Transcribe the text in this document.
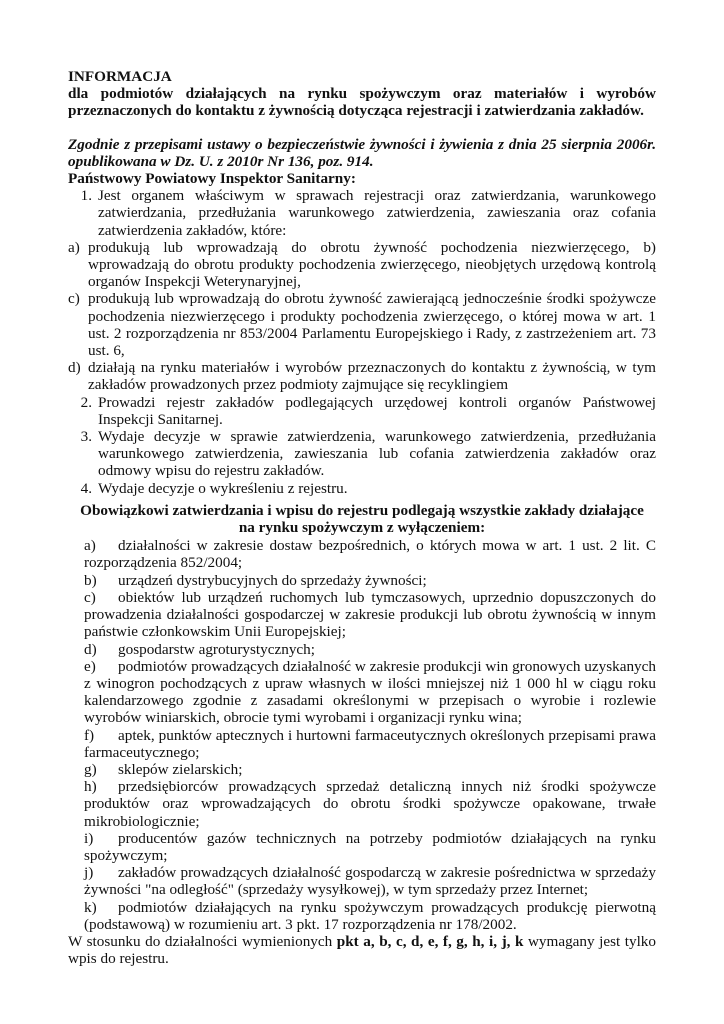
INFORMACJA

dla podmiotów działających na rynku spożywczym oraz materiałów i wyrobów przeznaczonych do kontaktu z żywnością dotycząca rejestracji i zatwierdzania zakładów.

Zgodnie z przepisami ustawy o bezpieczeństwie żywności i żywienia z dnia 25 sierpnia 2006r. opublikowana w Dz. U. z 2010r Nr 136, poz. 914.

Państwowy Powiatowy Inspektor Sanitarny:

1. Jest organem właściwym w sprawach rejestracji oraz zatwierdzania, warunkowego zatwierdzania, przedłużania warunkowego zatwierdzenia, zawieszania oraz cofania zatwierdzenia zakładów, które:
a) produkują lub wprowadzają do obrotu żywność pochodzenia niezwierzęcego, b) wprowadzają do obrotu produkty pochodzenia zwierzęcego, nieobjętych urzędową kontrolą organów Inspekcji Weterynaryjnej,
c) produkują lub wprowadzają do obrotu żywność zawierającą jednocześnie środki spożywcze pochodzenia niezwierzęcego i produkty pochodzenia zwierzęcego, o której mowa w art. 1 ust. 2 rozporządzenia nr 853/2004 Parlamentu Europejskiego i Rady, z zastrzeżeniem art. 73 ust. 6,
d) działają na rynku materiałów i wyrobów przeznaczonych do kontaktu z żywnością, w tym zakładów prowadzonych przez podmioty zajmujące się recyklingiem
2. Prowadzi rejestr zakładów podlegających urzędowej kontroli organów Państwowej Inspekcji Sanitarnej.
3. Wydaje decyzje w sprawie zatwierdzenia, warunkowego zatwierdzenia, przedłużania warunkowego zatwierdzenia, zawieszania lub cofania zatwierdzenia zakładów oraz odmowy wpisu do rejestru zakładów.
4. Wydaje decyzje o wykreśleniu z rejestru.

Obowiązkowi zatwierdzania i wpisu do rejestru podlegają wszystkie zakłady działające

na rynku spożywczym z wyłączeniem:

a) działalności w zakresie dostaw bezpośrednich, o których mowa w art. 1 ust. 2 lit. C rozporządzenia 852/2004;

b) urządzeń dystrybucyjnych do sprzedaży żywności;

c) obiektów lub urządzeń ruchomych lub tymczasowych, uprzednio dopuszczonych do prowadzenia działalności gospodarczej w zakresie produkcji lub obrotu żywnością w innym państwie członkowskim Unii Europejskiej;

d) gospodarstw agroturystycznych;

e) podmiotów prowadzących działalność w zakresie produkcji win gronowych uzyskanych z winogron pochodzących z upraw własnych w ilości mniejszej niż 1 000 hl w ciągu roku kalendarzowego zgodnie z zasadami określonymi w przepisach o wyrobie i rozlewie wyrobów winiarskich, obrocie tymi wyrobami i organizacji rynku wina;

f) aptek, punktów aptecznych i hurtowni farmaceutycznych określonych przepisami prawa farmaceutycznego;

g) sklepów zielarskich;

h) przedsiębiorców prowadzących sprzedaż detaliczną innych niż środki spożywcze produktów oraz wprowadzających do obrotu środki spożywcze opakowane, trwałe mikrobiologicznie;

i) producentów gazów technicznych na potrzeby podmiotów działających na rynku spożywczym;

j) zakładów prowadzących działalność gospodarczą w zakresie pośrednictwa w sprzedaży żywności "na odległość" (sprzedaży wysyłkowej), w tym sprzedaży przez Internet;

k) podmiotów działających na rynku spożywczym prowadzących produkcję pierwotną (podstawową) w rozumieniu art. 3 pkt. 17 rozporządzenia nr 178/2002.

W stosunku do działalności wymienionych pkt a, b, c, d, e, f, g, h, i, j, k wymagany jest tylko wpis do rejestru.
